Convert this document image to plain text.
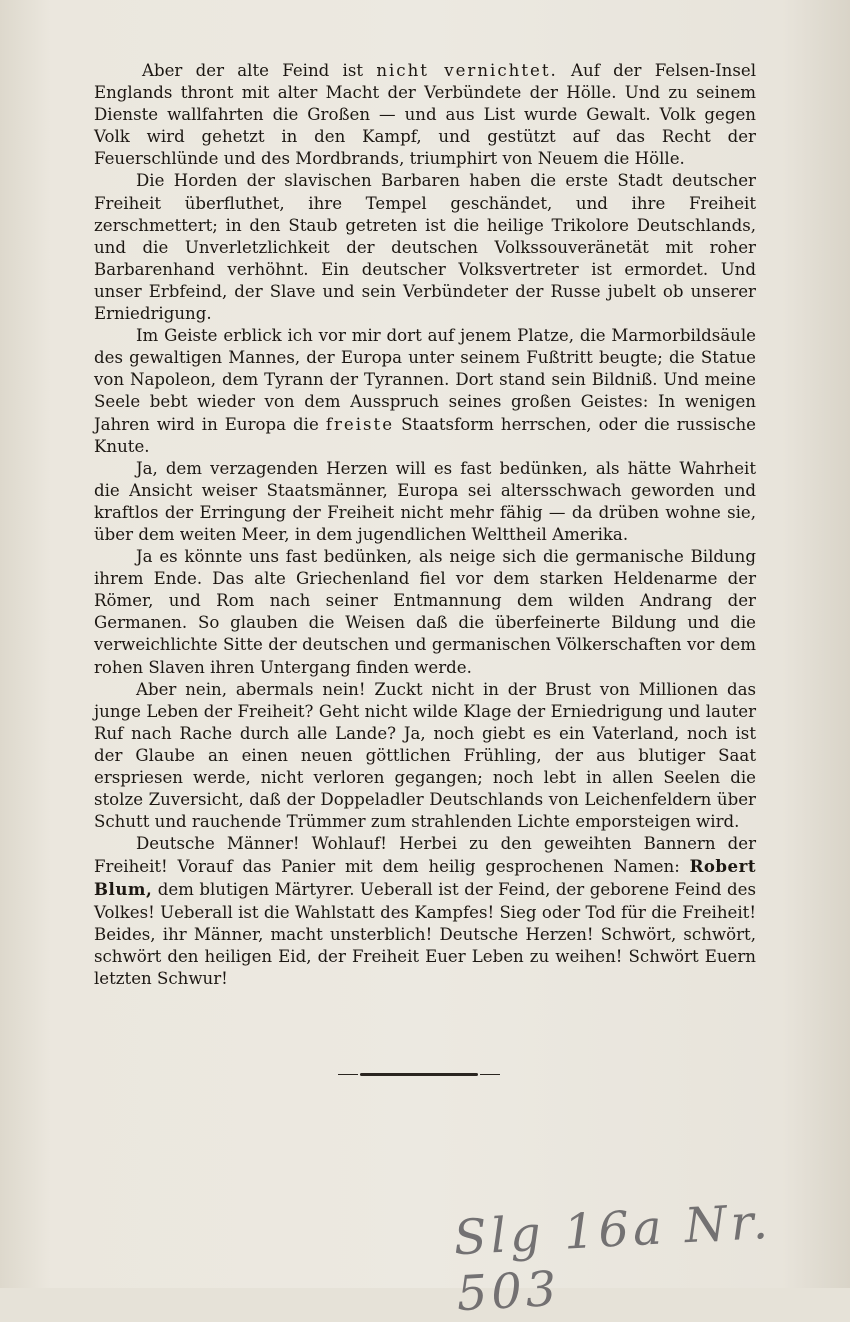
Aber der alte Feind ist nicht vernichtet. Auf der Felsen-Insel Englands thront mit alter Macht der Verbündete der Hölle. Und zu seinem Dienste wallfahrten die Großen — und aus List wurde Gewalt. Volk gegen Volk wird gehetzt in den Kampf, und gestützt auf das Recht der Feuerschlünde und des Mordbrands, triumphirt von Neuem die Hölle.

Die Horden der slavischen Barbaren haben die erste Stadt deutscher Freiheit überfluthet, ihre Tempel geschändet, und ihre Freiheit zerschmettert; in den Staub getreten ist die heilige Trikolore Deutschlands, und die Unverletzlichkeit der deutschen Volkssouveränetät mit roher Barbarenhand verhöhnt. Ein deutscher Volksvertreter ist ermordet. Und unser Erbfeind, der Slave und sein Verbündeter der Russe jubelt ob unserer Erniedrigung.

Im Geiste erblick ich vor mir dort auf jenem Platze, die Marmorbildsäule des gewaltigen Mannes, der Europa unter seinem Fußtritt beugte; die Statue von Napoleon, dem Tyrann der Tyrannen. Dort stand sein Bildniß. Und meine Seele bebt wieder von dem Ausspruch seines großen Geistes: In wenigen Jahren wird in Europa die freiste Staatsform herrschen, oder die russische Knute.

Ja, dem verzagenden Herzen will es fast bedünken, als hätte Wahrheit die Ansicht weiser Staatsmänner, Europa sei altersschwach geworden und kraftlos der Erringung der Freiheit nicht mehr fähig — da drüben wohne sie, über dem weiten Meer, in dem jugendlichen Welttheil Amerika.

Ja es könnte uns fast bedünken, als neige sich die germanische Bildung ihrem Ende. Das alte Griechenland fiel vor dem starken Heldenarme der Römer, und Rom nach seiner Entmannung dem wilden Andrang der Germanen. So glauben die Weisen daß die überfeinerte Bildung und die verweichlichte Sitte der deutschen und germanischen Völkerschaften vor dem rohen Slaven ihren Untergang finden werde.

Aber nein, abermals nein! Zuckt nicht in der Brust von Millionen das junge Leben der Freiheit? Geht nicht wilde Klage der Erniedrigung und lauter Ruf nach Rache durch alle Lande? Ja, noch giebt es ein Vaterland, noch ist der Glaube an einen neuen göttlichen Frühling, der aus blutiger Saat erspriesen werde, nicht verloren gegangen; noch lebt in allen Seelen die stolze Zuversicht, daß der Doppeladler Deutschlands von Leichenfeldern über Schutt und rauchende Trümmer zum strahlenden Lichte emporsteigen wird.

Deutsche Männer! Wohlauf! Herbei zu den geweihten Bannern der Freiheit! Vorauf das Panier mit dem heilig gesprochenen Namen: Robert Blum, dem blutigen Märtyrer. Ueberall ist der Feind, der geborene Feind des Volkes! Ueberall ist die Wahlstatt des Kampfes! Sieg oder Tod für die Freiheit! Beides, ihr Männer, macht unsterblich! Deutsche Herzen! Schwört, schwört, schwört den heiligen Eid, der Freiheit Euer Leben zu weihen! Schwört Euern letzten Schwur!

Slg 16a Nr. 503
